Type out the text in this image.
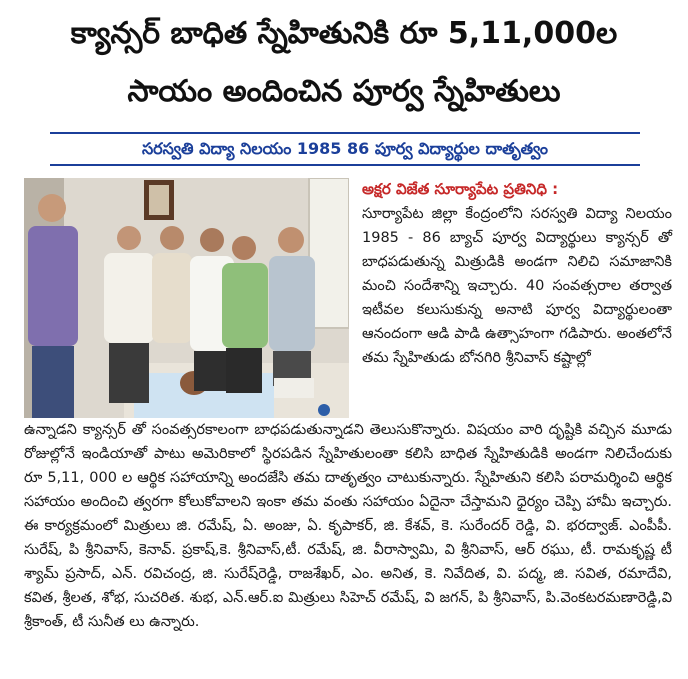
క్యాన్సర్ బాధిత స్నేహితునికి రూ 5,11,000ల
సాయం అందించిన పూర్వ స్నేహితులు
సరస్వతి విద్యా నిలయం 1985 86 పూర్వ విద్యార్థుల దాతృత్వం
అక్షర విజేత సూర్యాపేట ప్రతినిధి :
సూర్యాపేట జిల్లా కేంద్రంలోని సరస్వతి విద్యా నిలయం 1985 - 86 బ్యాచ్ పూర్వ విద్యార్థులు క్యాన్సర్ తో బాధపడుతున్న మిత్రుడికి అండగా నిలిచి సమాజానికి మంచి సందేశాన్ని ఇచ్చారు. 40 సంవత్సరాల తర్వాత ఇటీవల కలుసుకున్న అనాటి పూర్వ విద్యార్థులంతా ఆనందంగా ఆడి పాడి ఉత్సాహంగా గడిపారు. అంతలోనే తమ స్నేహితుడు బోనగిరి శ్రీనివాస్ కష్టాల్లో
ఉన్నాడని క్యాన్సర్ తో సంవత్సరకాలంగా బాధపడుతున్నాడని తెలుసుకొన్నారు. విషయం వారి దృష్టికి వచ్చిన మూడు రోజుల్లోనే ఇండియాతో పాటు అమెరికాలో స్థిరపడిన స్నేహితులంతా కలిసి బాధిత స్నేహితుడికి అండగా నిలిచేందుకు రూ 5,11, 000 ల ఆర్థిక సహాయాన్ని అందజేసి తమ దాతృత్వం చాటుకున్నారు. స్నేహితుని కలిసి పరామర్శించి ఆర్థిక సహాయం అందించి త్వరగా కోలుకోవాలని ఇంకా తమ వంతు సహాయం ఏదైనా చేస్తామని ధైర్యం చెప్పి హామీ ఇచ్చారు. ఈ కార్యక్రమంలో మిత్రులు జి. రమేష్, ఏ. అంజు, ఏ. కృపాకర్, జి. కేశవ్, కె. సురేందర్ రెడ్డి, వి. భరద్వాజ్. ఎంపీపీ. సురేష్, పి శ్రీనివాస్, కెనావ్. ప్రకాష్,కె. శ్రీనివాస్,టీ. రమేష్, జి. వీరాస్వామి, వి శ్రీనివాస్, ఆర్ రఘు, టీ. రామకృష్ణ టీ శ్యామ్ ప్రసాద్, ఎన్. రవిచంద్ర, జి. సురేష్‌రెడ్డి, రాజశేఖర్, ఎం. అనిత, కె. నివేదిత, వి. పద్మ, జి. సవిత, రమాదేవి, కవిత, శ్రీలత, శోభ, సుచరిత. శుభ, ఎన్.ఆర్.ఐ మిత్రులు సిహెచ్ రమేష్, వి జగన్, పి శ్రీనివాస్, పి.వెంకటరమణారెడ్డి,వి శ్రీకాంత్, టీ సునీత లు ఉన్నారు.
